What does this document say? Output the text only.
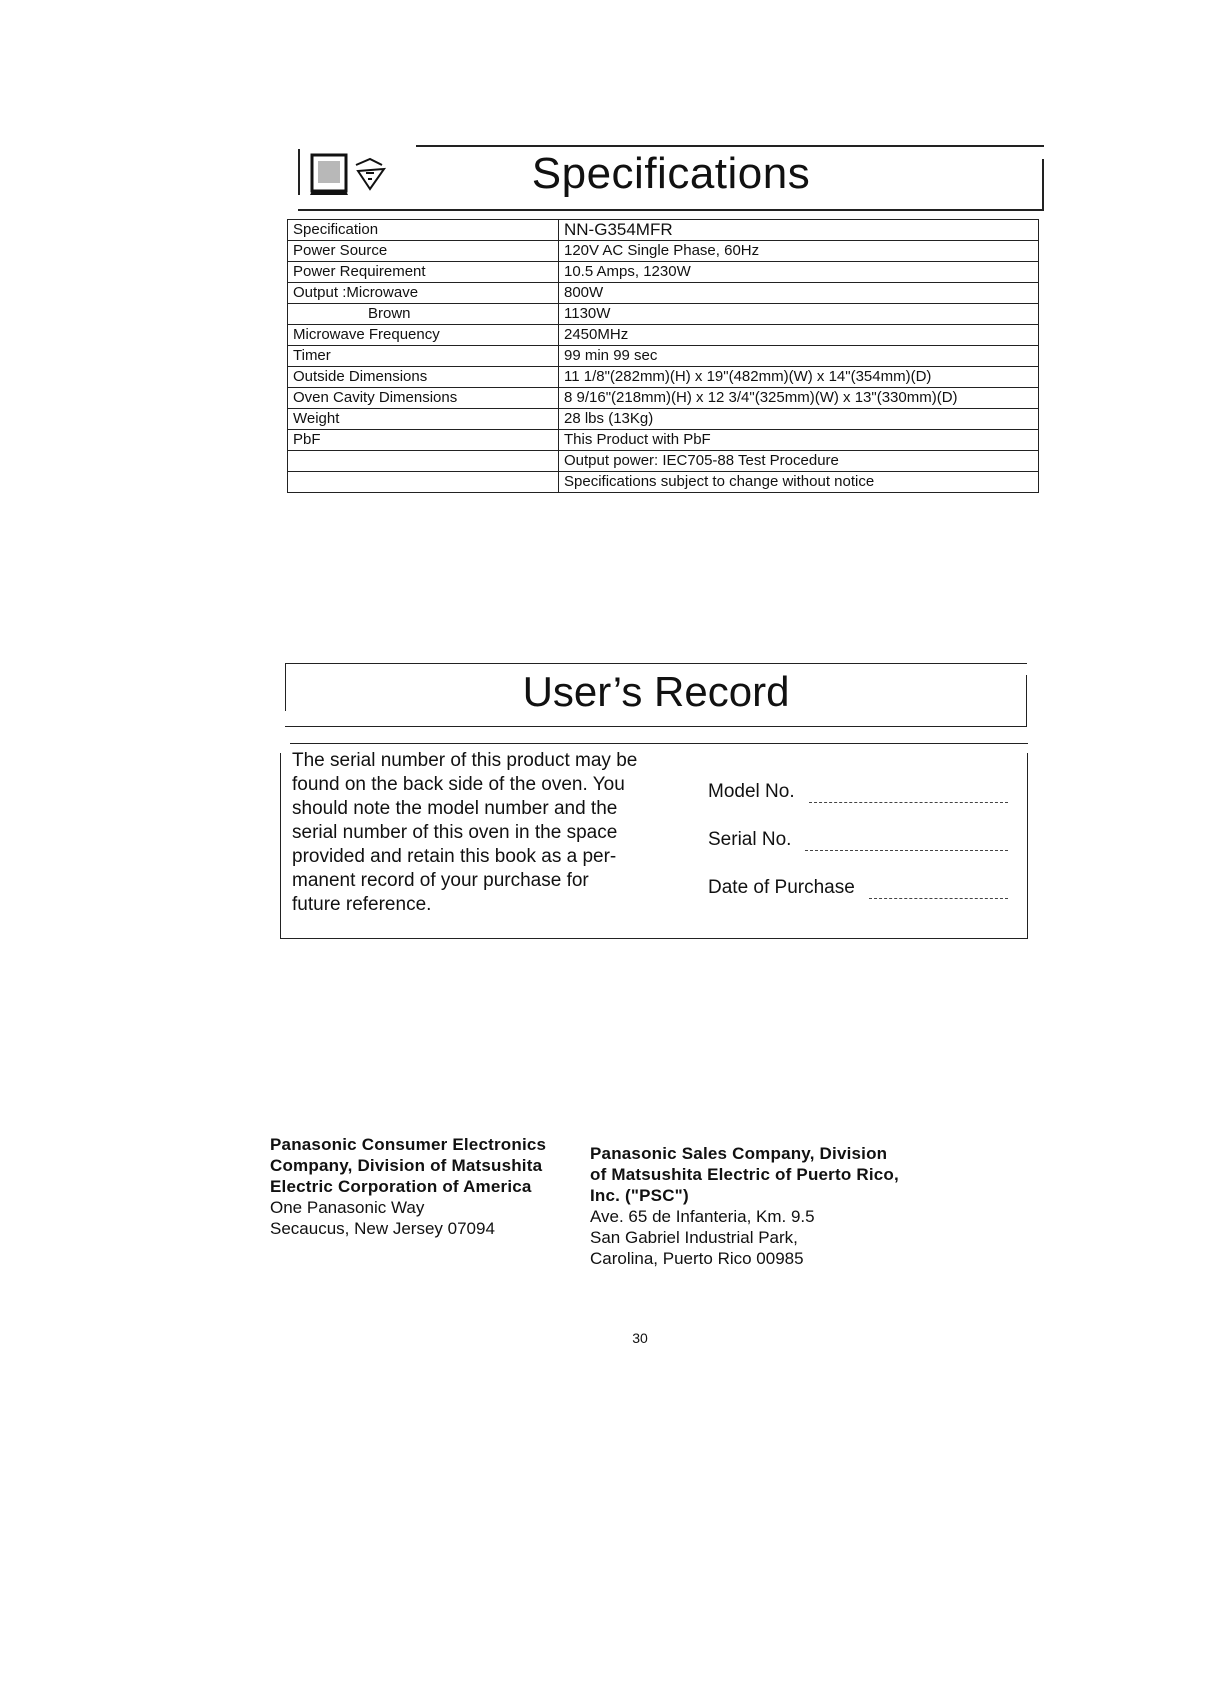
Specifications
Specification	NN-G354MFR
Power Source	120V AC Single Phase, 60Hz
Power Requirement	10.5 Amps, 1230W
Output :Microwave	800W
Brown	1130W
Microwave Frequency	2450MHz
Timer	99 min 99 sec
Outside Dimensions	11 1/8"(282mm)(H) x 19"(482mm)(W) x 14"(354mm)(D)
Oven Cavity Dimensions	8 9/16"(218mm)(H) x 12 3/4"(325mm)(W) x 13"(330mm)(D)
Weight	28 lbs (13Kg)
PbF	This Product with PbF
	Output power: IEC705-88 Test Procedure
	Specifications subject to change without notice
User’s Record
The serial number of this product may be
found on the back side of the oven. You
should note the model number and the
serial number of this oven in the space
provided and retain this book as a per-
manent record of your purchase for
future reference.
Model No.
Serial No.
Date of Purchase
Panasonic Consumer Electronics
Company, Division of Matsushita
Electric Corporation of America
One Panasonic Way
Secaucus, New Jersey 07094
Panasonic Sales Company, Division
of Matsushita Electric of Puerto Rico,
Inc. ("PSC")
Ave. 65 de Infanteria, Km. 9.5
San Gabriel Industrial Park,
Carolina, Puerto Rico 00985
30
